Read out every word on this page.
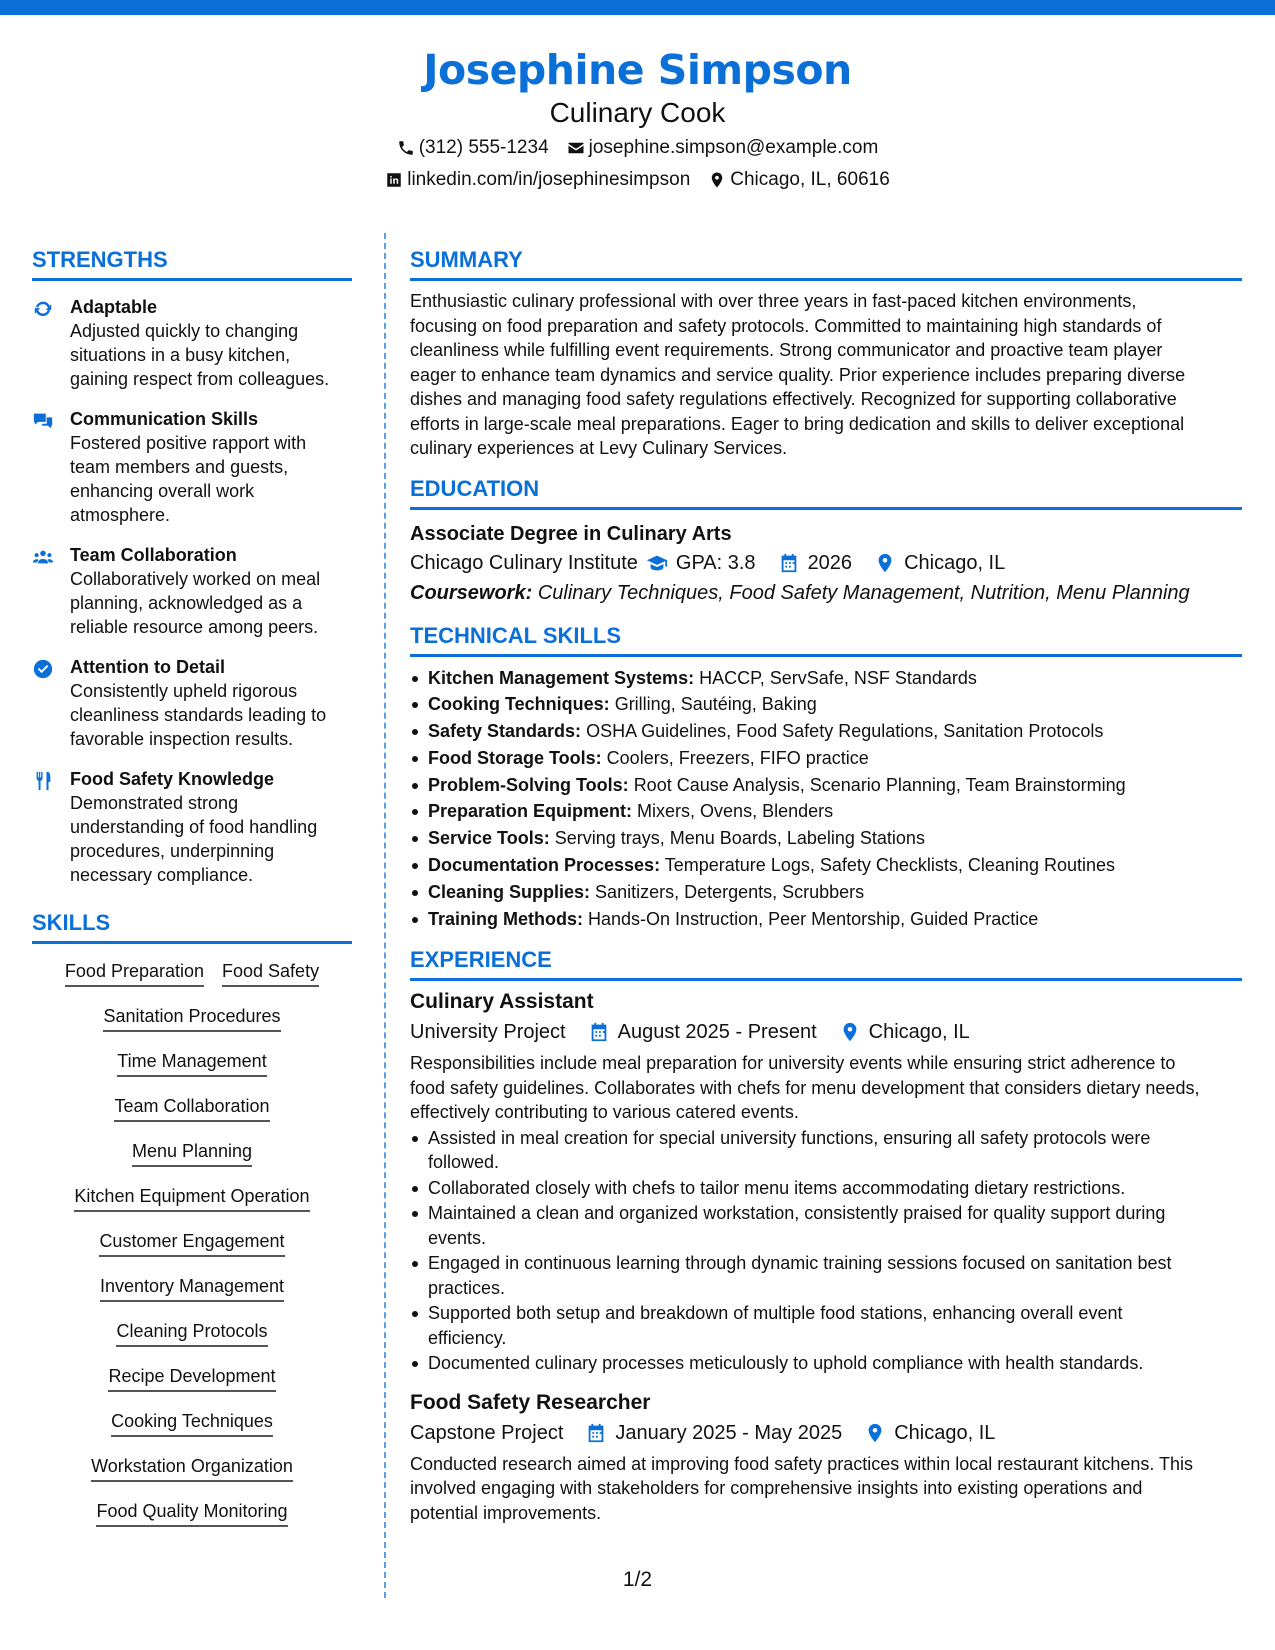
Josephine Simpson
Culinary Cook
(312) 555-1234 josephine.simpson@example.com
linkedin.com/in/josephinesimpson Chicago, IL, 60616
STRENGTHS
Adaptable
Adjusted quickly to changing
situations in a busy kitchen,
gaining respect from colleagues.
Communication Skills
Fostered positive rapport with
team members and guests,
enhancing overall work
atmosphere.
Team Collaboration
Collaboratively worked on meal
planning, acknowledged as a
reliable resource among peers.
Attention to Detail
Consistently upheld rigorous
cleanliness standards leading to
favorable inspection results.
Food Safety Knowledge
Demonstrated strong
understanding of food handling
procedures, underpinning
necessary compliance.
SKILLS
Food Preparation Food Safety
Sanitation Procedures
Time Management
Team Collaboration
Menu Planning
Kitchen Equipment Operation
Customer Engagement
Inventory Management
Cleaning Protocols
Recipe Development
Cooking Techniques
Workstation Organization
Food Quality Monitoring
SUMMARY
Enthusiastic culinary professional with over three years in fast-paced kitchen environments,
focusing on food preparation and safety protocols. Committed to maintaining high standards of
cleanliness while fulfilling event requirements. Strong communicator and proactive team player
eager to enhance team dynamics and service quality. Prior experience includes preparing diverse
dishes and managing food safety regulations effectively. Recognized for supporting collaborative
efforts in large-scale meal preparations. Eager to bring dedication and skills to deliver exceptional
culinary experiences at Levy Culinary Services.
EDUCATION
Associate Degree in Culinary Arts
Chicago Culinary Institute GPA: 3.8	2026	Chicago, IL
Coursework: Culinary Techniques, Food Safety Management, Nutrition, Menu Planning
TECHNICAL SKILLS
Kitchen Management Systems: HACCP, ServSafe, NSF Standards
Cooking Techniques: Grilling, Sautéing, Baking
Safety Standards: OSHA Guidelines, Food Safety Regulations, Sanitation Protocols
Food Storage Tools: Coolers, Freezers, FIFO practice
Problem-Solving Tools: Root Cause Analysis, Scenario Planning, Team Brainstorming
Preparation Equipment: Mixers, Ovens, Blenders
Service Tools: Serving trays, Menu Boards, Labeling Stations
Documentation Processes: Temperature Logs, Safety Checklists, Cleaning Routines
Cleaning Supplies: Sanitizers, Detergents, Scrubbers
Training Methods: Hands-On Instruction, Peer Mentorship, Guided Practice
EXPERIENCE
Culinary Assistant
University Project	August 2025 - Present	Chicago, IL
Responsibilities include meal preparation for university events while ensuring strict adherence to
food safety guidelines. Collaborates with chefs for menu development that considers dietary needs,
effectively contributing to various catered events.
Assisted in meal creation for special university functions, ensuring all safety protocols were
followed.
Collaborated closely with chefs to tailor menu items accommodating dietary restrictions.
Maintained a clean and organized workstation, consistently praised for quality support during
events.
Engaged in continuous learning through dynamic training sessions focused on sanitation best
practices.
Supported both setup and breakdown of multiple food stations, enhancing overall event
efficiency.
Documented culinary processes meticulously to uphold compliance with health standards.
Food Safety Researcher
Capstone Project	January 2025 - May 2025	Chicago, IL
Conducted research aimed at improving food safety practices within local restaurant kitchens. This
involved engaging with stakeholders for comprehensive insights into existing operations and
potential improvements.
1/2
